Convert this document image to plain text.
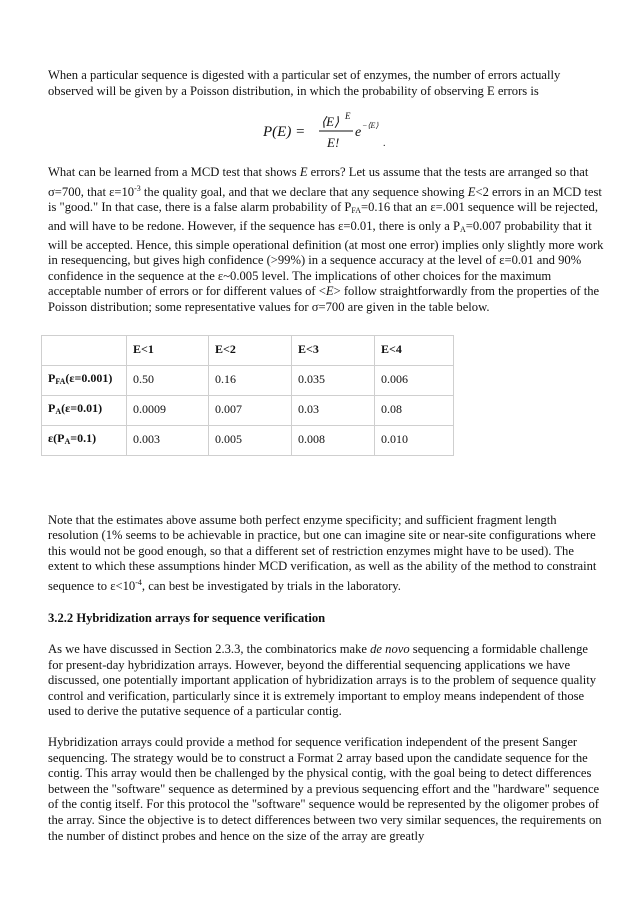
When a particular sequence is digested with a particular set of enzymes, the number of errors actually observed will be given by a Poisson distribution, in which the probability of observing E errors is

P(E) =
⟨E⟩ E
E!
e −⟨E⟩
.

What can be learned from a MCD test that shows E errors? Let us assume that the tests are arranged so that σ=700, that $\varepsilon=10^{-3}$ the quality goal, and that we declare that any sequence showing E<2 errors in an MCD test is "good." In that case, there is a false alarm probability of $P_{FA}=0.16$ that an ε=.001 sequence will be rejected, and will have to be redone. However, if the sequence has ε=0.01, there is only a $P_A=0.007$ probability that it will be accepted. Hence, this simple operational definition (at most one error) implies only slightly more work in resequencing, but gives high confidence (>99%) in a sequence accuracy at the level of ε=0.01 and 90% confidence in the sequence at the ε~0.005 level. The implications of other choices for the maximum acceptable number of errors or for different values of <E> follow straightforwardly from the properties of the Poisson distribution; some representative values for σ=700 are given in the table below.

	E<1	E<2	E<3	E<4
$P_{FA}(\varepsilon=0.001)$	0.50	0.16	0.035	0.006
$P_A(\varepsilon=0.01)$	0.0009	0.007	0.03	0.08
$\varepsilon(P_A=0.1)$	0.003	0.005	0.008	0.010

Note that the estimates above assume both perfect enzyme specificity; and sufficient fragment length resolution (1% seems to be achievable in practice, but one can imagine site or near-site configurations where this would not be good enough, so that a different set of restriction enzymes might have to be used). The extent to which these assumptions hinder MCD verification, as well as the ability of the method to constraint sequence to $\varepsilon<10^{-4}$, can best be investigated by trials in the laboratory.

3.2.2 Hybridization arrays for sequence verification

As we have discussed in Section 2.3.3, the combinatorics make de novo sequencing a formidable challenge for present-day hybridization arrays. However, beyond the differential sequencing applications we have discussed, one potentially important application of hybridization arrays is to the problem of sequence quality control and verification, particularly since it is extremely important to employ means independent of those used to derive the putative sequence of a particular contig.

Hybridization arrays could provide a method for sequence verification independent of the present Sanger sequencing. The strategy would be to construct a Format 2 array based upon the candidate sequence for the contig. This array would then be challenged by the physical contig, with the goal being to detect differences between the "software" sequence as determined by a previous sequencing effort and the "hardware" sequence of the contig itself. For this protocol the "software" sequence would be represented by the oligomer probes of the array. Since the objective is to detect differences between two very similar sequences, the requirements on the number of distinct probes and hence on the size of the array are greatly
